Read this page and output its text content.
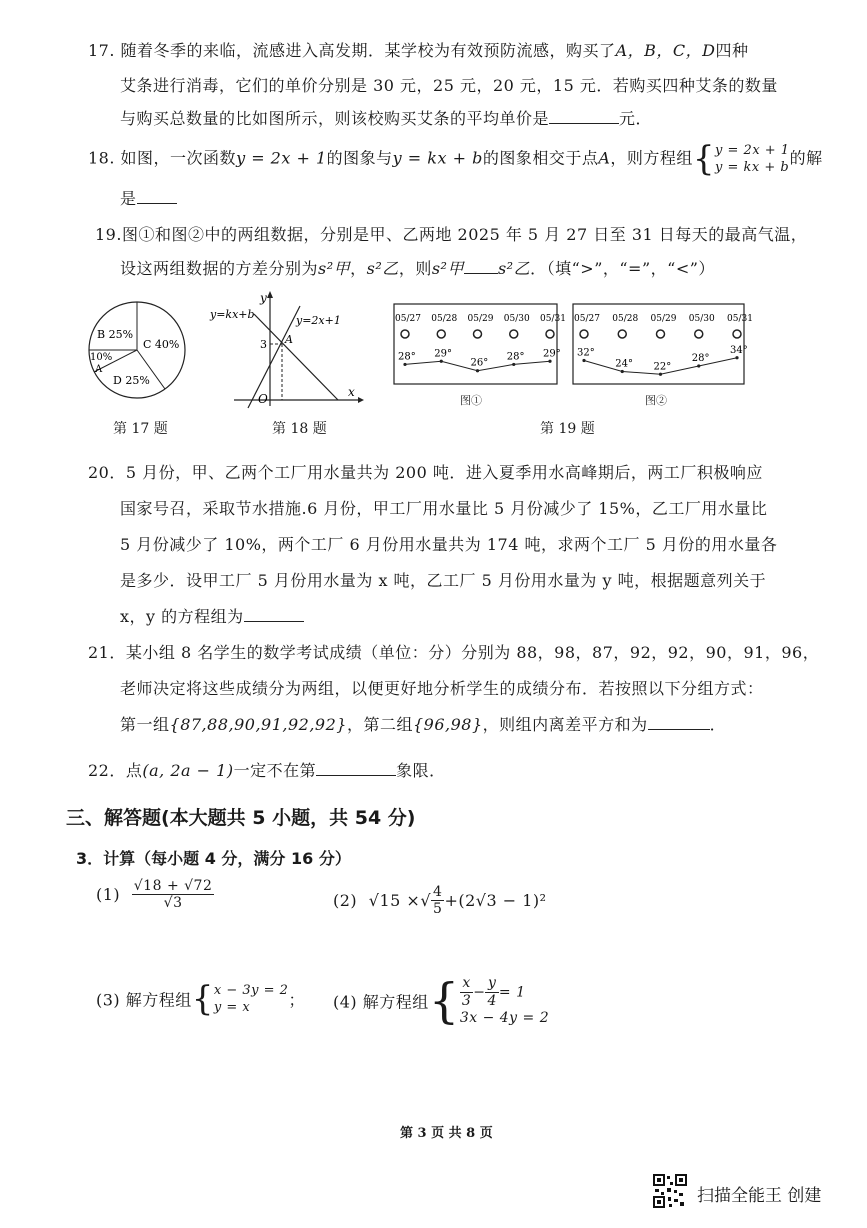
17. 随着冬季的来临，流感进入高发期．某学校为有效预防流感，购买了A，B，C，D四种
艾条进行消毒，它们的单价分别是 30 元，25 元，20 元，15 元．若购买四种艾条的数量
与购买总数量的比如图所示，则该校购买艾条的平均单价是	元．
18. 如图，一次函数y = 2x + 1的图象与y = kx + b的图象相交于点A，则方程组{ y = 2x + 1
y = kx + b 的解
是
19.图①和图②中的两组数据，分别是甲、乙两地 2025 年 5 月 27 日至 31 日每天的最高气温，
设这两组数据的方差分别为s²甲，s²乙，则s²甲 s²乙．（填“>”，“=”，“<”）
B 25%
C 40%
10%
A
D 25%
第 17 题
y
x
O
3 A
y=kx+b	y=2x+1
第 18 题
05/27 05/28 05/29 05/30 05/31
28° 29°
26°
28° 29°
图①
05/27 05/28 05/29 05/30 05/31
32°
24° 22°
28°
34°
图②
第 19 题
20．5 月份，甲、乙两个工厂用水量共为 200 吨．进入夏季用水高峰期后，两工厂积极响应
国家号召，采取节水措施.6 月份，甲工厂用水量比 5 月份减少了 15%，乙工厂用水量比
5 月份减少了 10%，两个工厂 6 月份用水量共为 174 吨，求两个工厂 5 月份的用水量各
是多少．设甲工厂 5 月份用水量为 x 吨，乙工厂 5 月份用水量为 y 吨，根据题意列关于
x，y 的方程组为
21．某小组 8 名学生的数学考试成绩（单位：分）分别为 88，98，87，92，92，90，91，96，
老师决定将这些成绩分为两组，以便更好地分析学生的成绩分布．若按照以下分组方式：
第一组{87,88,90,91,92,92}，第二组{96,98}，则组内离差平方和为	．
22．点(a, 2a − 1)一定不在第	象限．
三、解答题(本大题共 5 小题，共 54 分)
3．计算（每小题 4 分，满分 16 分）
$(1) \frac{√18 + √72}{√3}$	(2) √15 ×√ $\frac{4}{5} +(2√3 - 1)^2$
(3) 解方程组{ x − 3y = 2
y = x	； (4) 解方程组{ $\frac{x}{3} - \frac{y}{4} = 1$
3x − 4y = 2
第 3 页 共 8 页
扫描全能王 创建
